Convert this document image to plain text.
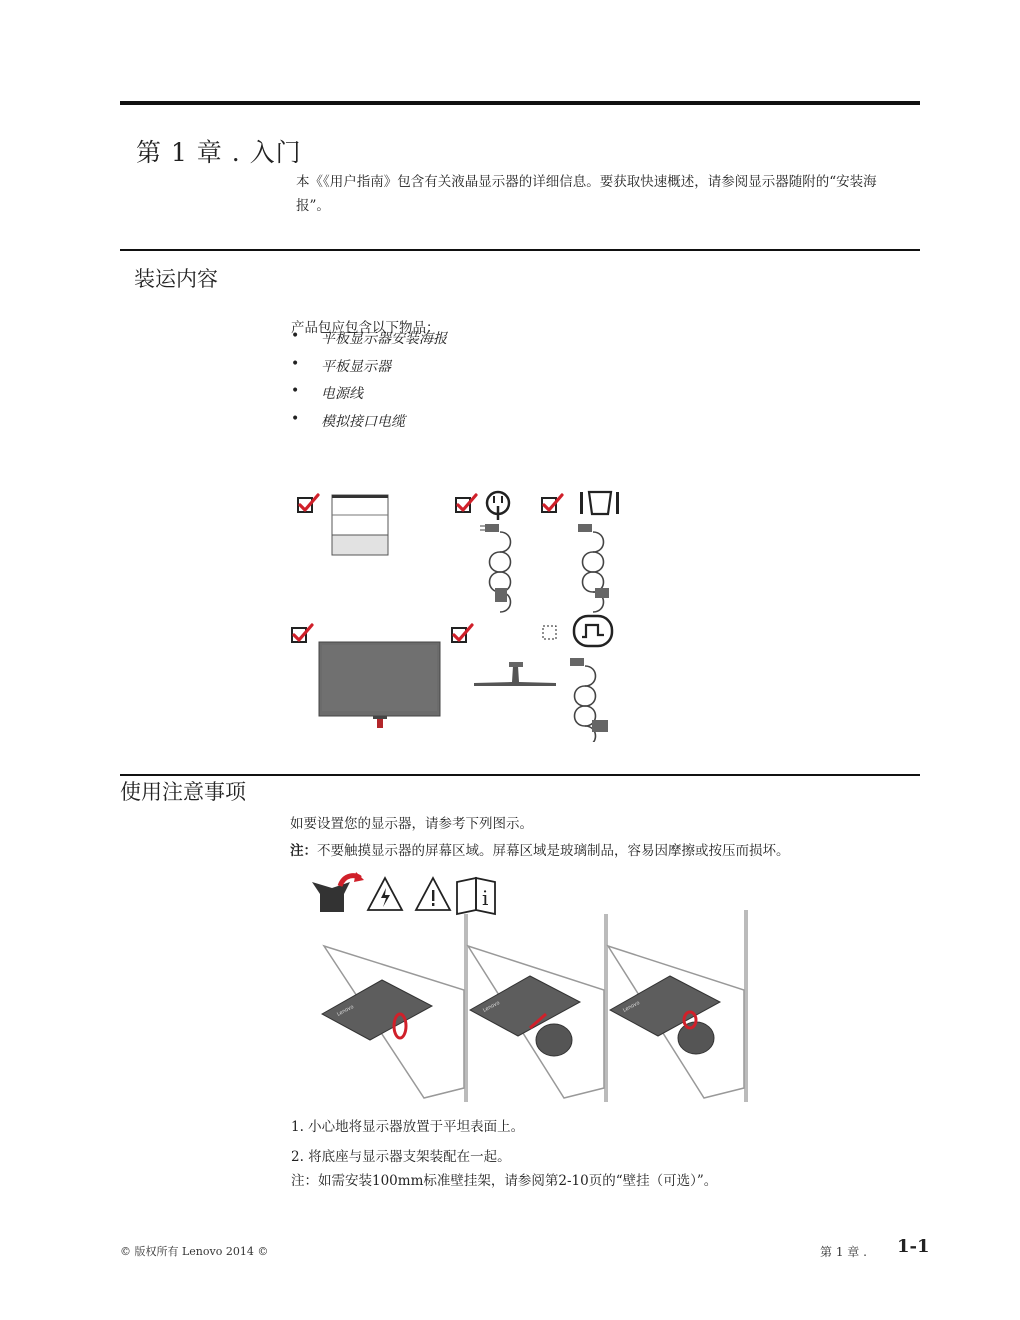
第 1 章 . 入门
本《《用户指南》包含有关液晶显示器的详细信息。要获取快速概述，请参阅显示器随附的“安装海报”。
装运内容
产品包应包含以下物品：
• 平板显示器安装海报
• 平板显示器
• 电源线
• 模拟接口电缆
使用注意事项
如要设置您的显示器，请参考下列图示。
注：不要触摸显示器的屏幕区域。屏幕区域是玻璃制品，容易因摩擦或按压而损坏。
i
Lenovo	Lenovo	Lenovo
1. 小心地将显示器放置于平坦表面上。
2. 将底座与显示器支架装配在一起。
注：如需安装100mm标准壁挂架，请参阅第2-10页的“壁挂（可选）”。
© 版权所有 Lenovo 2014 ©	第 1 章 . 1-1
